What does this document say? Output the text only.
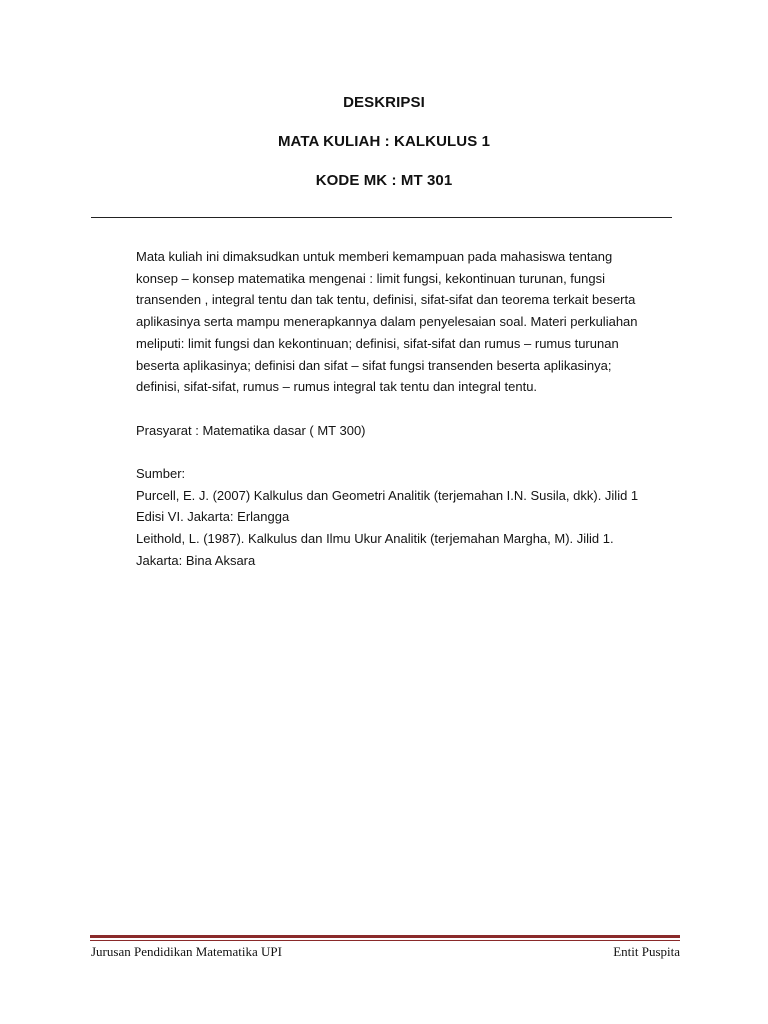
DESKRIPSI
MATA KULIAH : KALKULUS 1
KODE MK : MT 301
Mata kuliah ini dimaksudkan untuk memberi kemampuan pada mahasiswa tentang
konsep – konsep matematika mengenai : limit fungsi, kekontinuan turunan, fungsi
transenden , integral tentu dan tak tentu, definisi, sifat-sifat dan teorema terkait beserta
aplikasinya serta mampu menerapkannya dalam penyelesaian soal. Materi perkuliahan
meliputi: limit fungsi dan kekontinuan; definisi, sifat-sifat dan rumus – rumus turunan
beserta aplikasinya; definisi dan sifat – sifat fungsi transenden beserta aplikasinya;
definisi, sifat-sifat, rumus – rumus integral tak tentu dan integral tentu.
Prasyarat : Matematika dasar ( MT 300)
Sumber:
Purcell, E. J. (2007) Kalkulus dan Geometri Analitik (terjemahan I.N. Susila, dkk). Jilid 1
Edisi VI. Jakarta: Erlangga
Leithold, L. (1987). Kalkulus dan Ilmu Ukur Analitik (terjemahan Margha, M). Jilid 1.
Jakarta: Bina Aksara
Jurusan Pendidikan Matematika UPI	Entit Puspita
